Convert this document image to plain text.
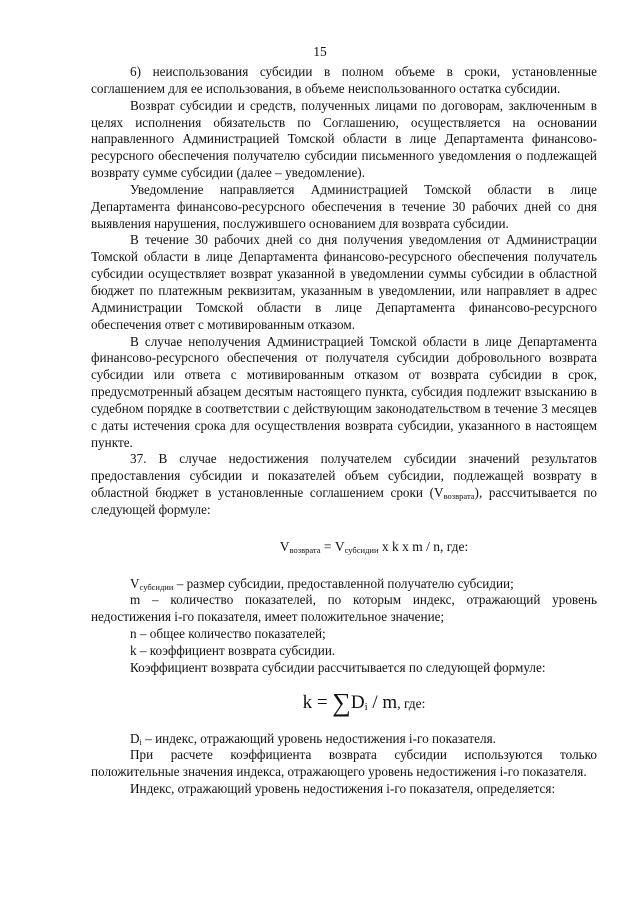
15

6) неиспользования субсидии в полном объеме в сроки, установленные соглашением для ее использования, в объеме неиспользованного остатка субсидии.

Возврат субсидии и средств, полученных лицами по договорам, заключенным в целях исполнения обязательств по Соглашению, осуществляется на основании направленного Администрацией Томской области в лице Департамента финансово-ресурсного обеспечения получателю субсидии письменного уведомления о подлежащей возврату сумме субсидии (далее – уведомление).

Уведомление направляется Администрацией Томской области в лице Департамента финансово-ресурсного обеспечения в течение 30 рабочих дней со дня выявления нарушения, послужившего основанием для возврата субсидии.

В течение 30 рабочих дней со дня получения уведомления от Администрации Томской области в лице Департамента финансово-ресурсного обеспечения получатель субсидии осуществляет возврат указанной в уведомлении суммы субсидии в областной бюджет по платежным реквизитам, указанным в уведомлении, или направляет в адрес Администрации Томской области в лице Департамента финансово-ресурсного обеспечения ответ с мотивированным отказом.

В случае неполучения Администрацией Томской области в лице Департамента финансово-ресурсного обеспечения от получателя субсидии добровольного возврата субсидии или ответа с мотивированным отказом от возврата субсидии в срок, предусмотренный абзацем десятым настоящего пункта, субсидия подлежит взысканию в судебном порядке в соответствии с действующим законодательством в течение 3 месяцев с даты истечения срока для осуществления возврата субсидии, указанного в настоящем пункте.

37. В случае недостижения получателем субсидии значений результатов предоставления субсидии и показателей объем субсидии, подлежащей возврату в областной бюджет в установленные соглашением сроки $(V_{возврата})$, рассчитывается по следующей формуле:

$V_{возврата} = V_{субсидии}$ x k x m / n, где:

$V_{субсидии}$ – размер субсидии, предоставленной получателю субсидии;

m – количество показателей, по которым индекс, отражающий уровень недостижения i-го показателя, имеет положительное значение;

n – общее количество показателей;

k – коэффициент возврата субсидии.

Коэффициент возврата субсидии рассчитывается по следующей формуле:

$k = \sum D_i / m$, где:

$D_i$ – индекс, отражающий уровень недостижения i-го показателя.

При расчете коэффициента возврата субсидии используются только положительные значения индекса, отражающего уровень недостижения i-го показателя.

Индекс, отражающий уровень недостижения i-го показателя, определяется:
